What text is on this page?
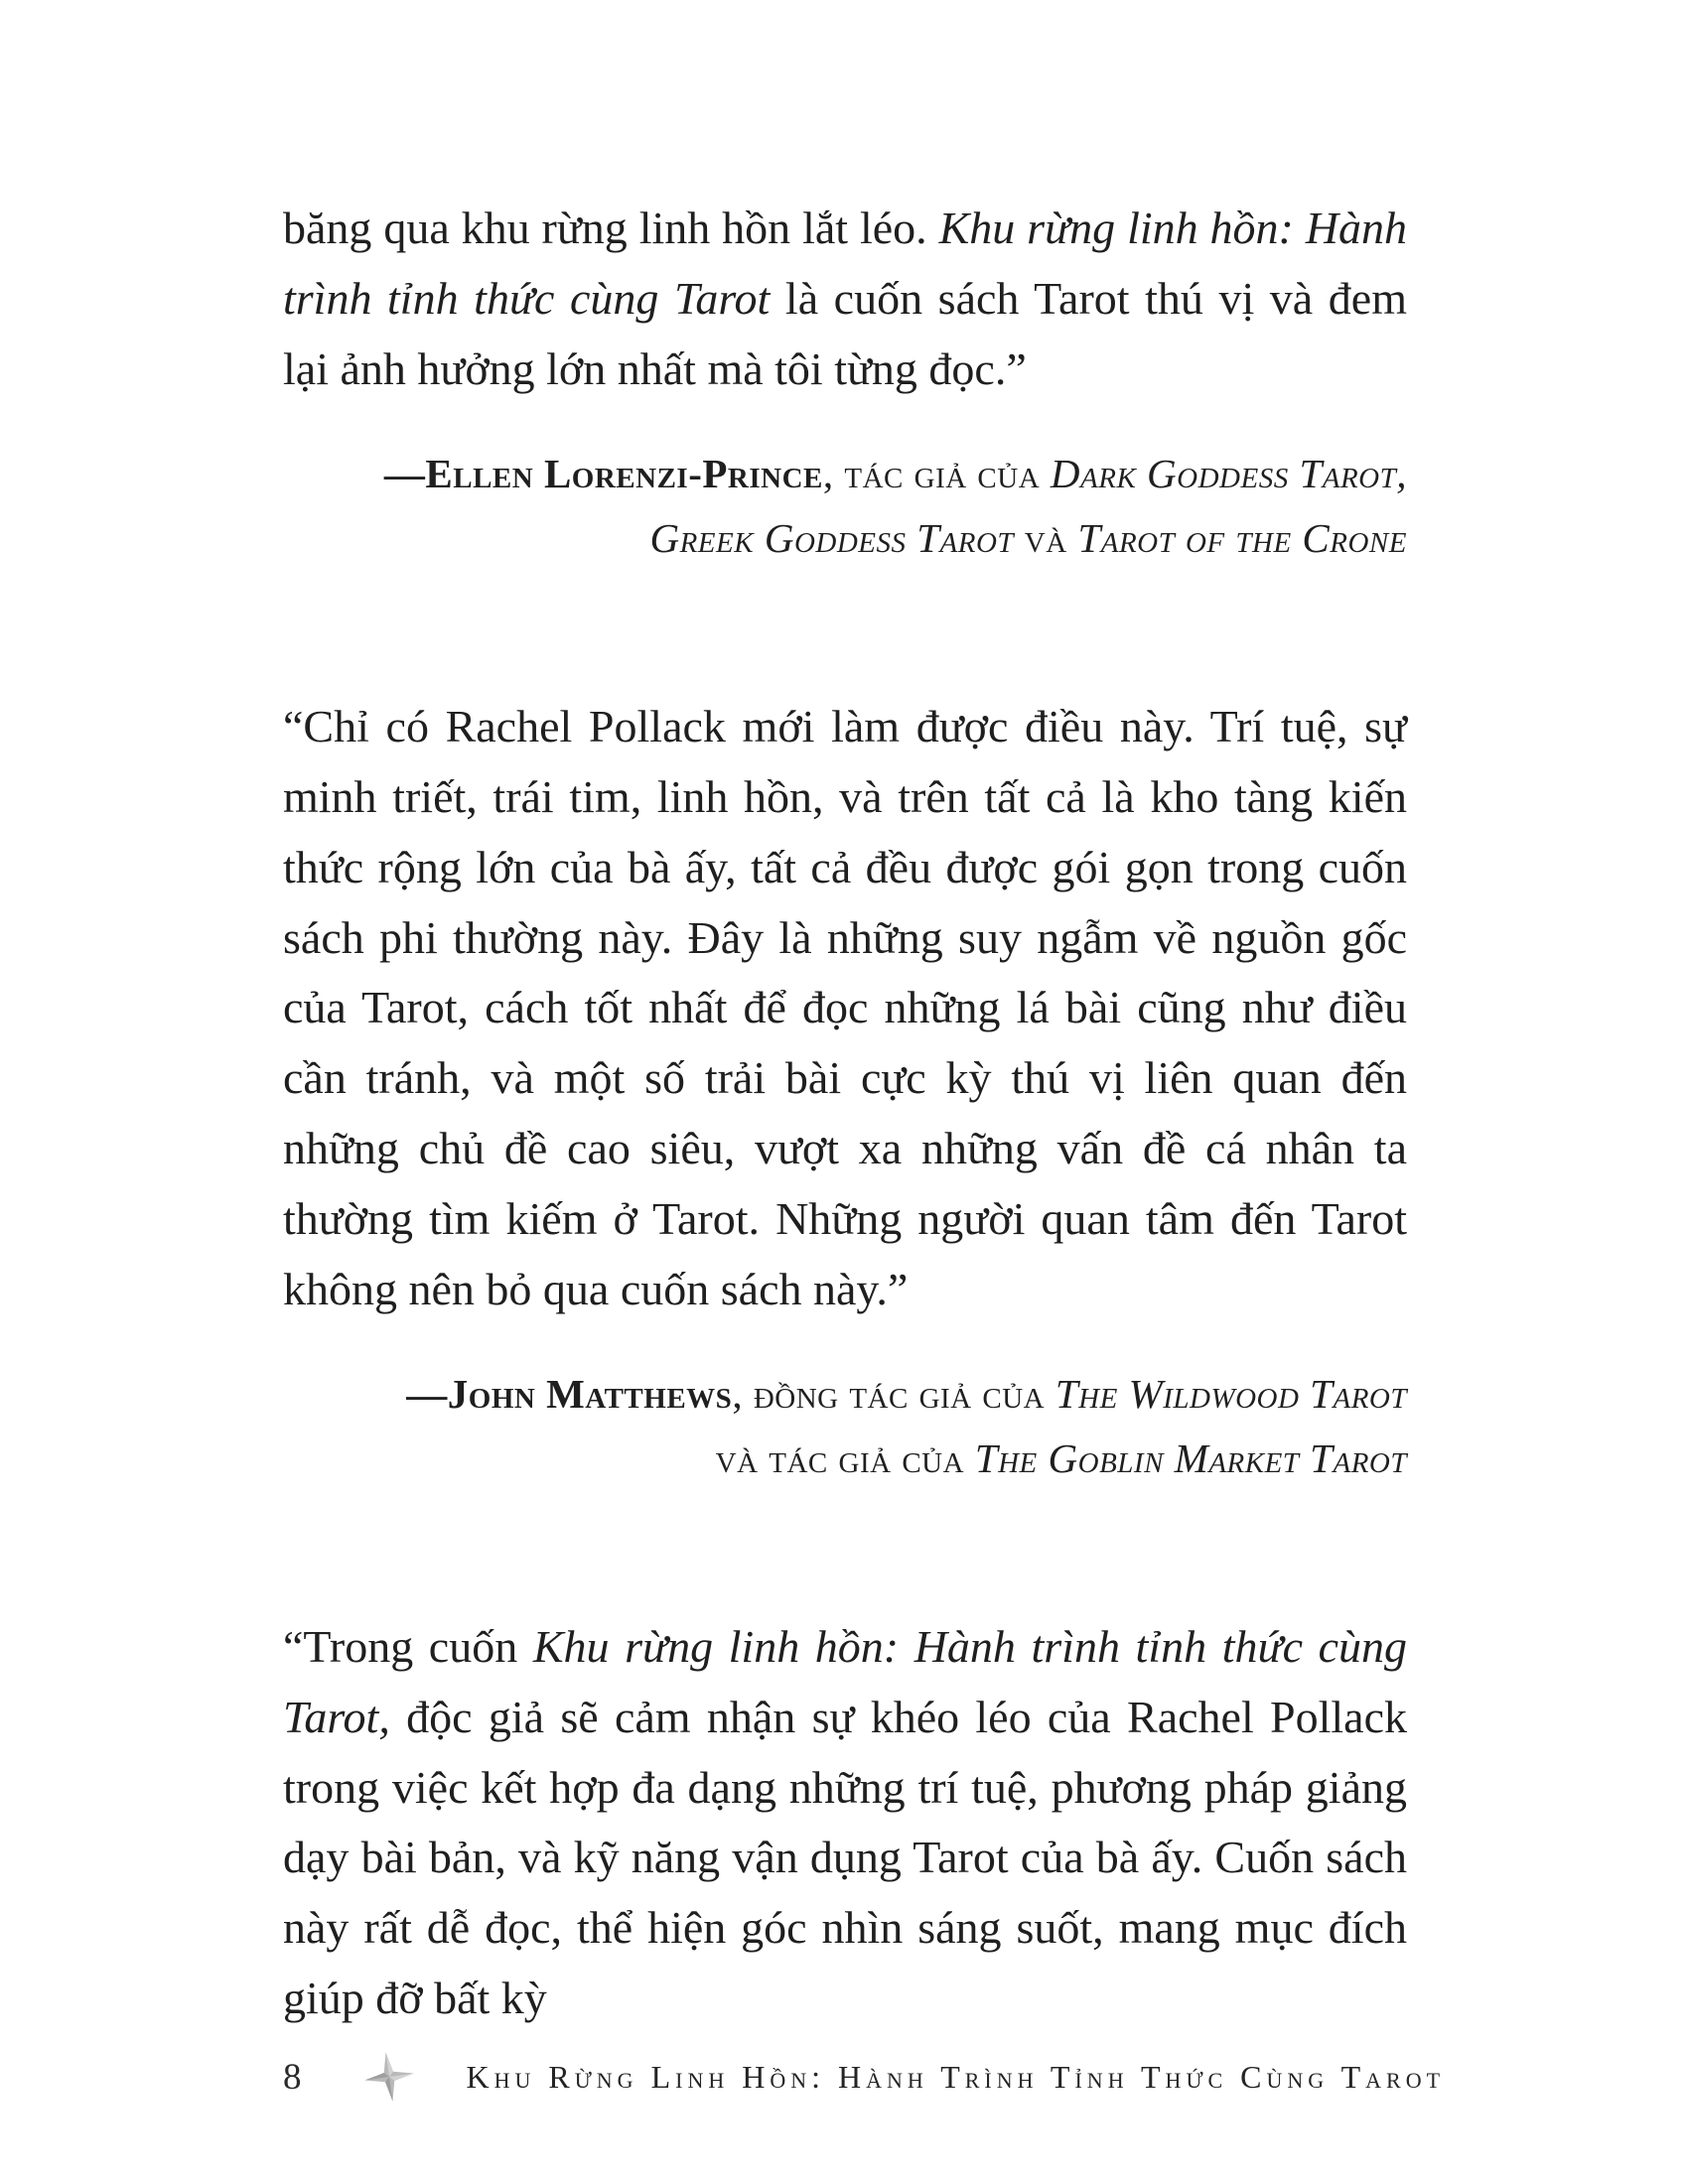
băng qua khu rừng linh hồn lắt léo. Khu rừng linh hồn: Hành trình tỉnh thức cùng Tarot là cuốn sách Tarot thú vị và đem lại ảnh hưởng lớn nhất mà tôi từng đọc.”

—Ellen Lorenzi-Prince, tác giả của Dark Goddess Tarot,
Greek Goddess Tarot và Tarot of the Crone

“Chỉ có Rachel Pollack mới làm được điều này. Trí tuệ, sự minh triết, trái tim, linh hồn, và trên tất cả là kho tàng kiến thức rộng lớn của bà ấy, tất cả đều được gói gọn trong cuốn sách phi thường này. Đây là những suy ngẫm về nguồn gốc của Tarot, cách tốt nhất để đọc những lá bài cũng như điều cần tránh, và một số trải bài cực kỳ thú vị liên quan đến những chủ đề cao siêu, vượt xa những vấn đề cá nhân ta thường tìm kiếm ở Tarot. Những người quan tâm đến Tarot không nên bỏ qua cuốn sách này.”

—John Matthews, đồng tác giả của The Wildwood Tarot
và tác giả của The Goblin Market Tarot

“Trong cuốn Khu rừng linh hồn: Hành trình tỉnh thức cùng Tarot, độc giả sẽ cảm nhận sự khéo léo của Rachel Pollack trong việc kết hợp đa dạng những trí tuệ, phương pháp giảng dạy bài bản, và kỹ năng vận dụng Tarot của bà ấy. Cuốn sách này rất dễ đọc, thể hiện góc nhìn sáng suốt, mang mục đích giúp đỡ bất kỳ

8	Khu Rừng Linh Hồn: Hành Trình Tỉnh Thức Cùng Tarot
